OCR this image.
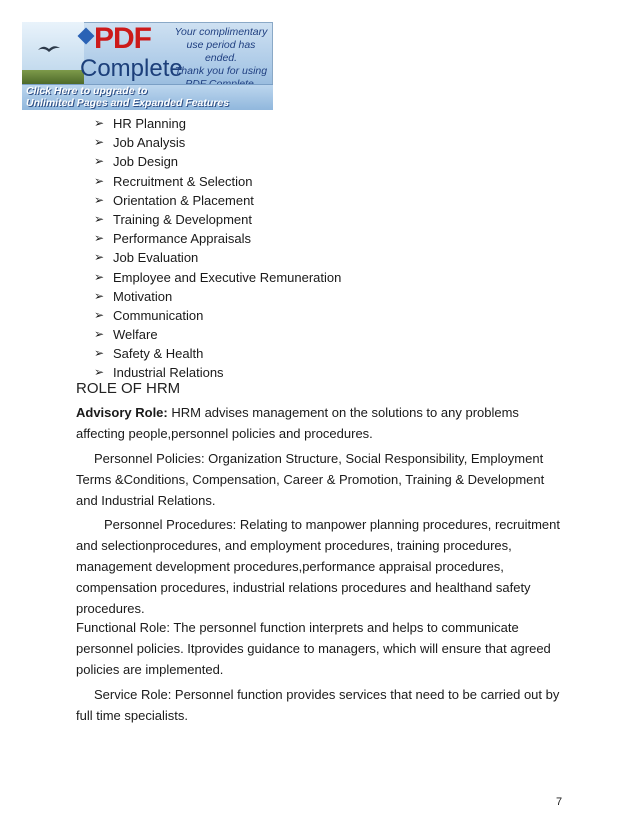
PDF
Complete
Your complimentary
use period has ended.
Thank you for using
Click Here to upgrade to
Unlimited Pages and Expanded Features
➢ HR Planning
➢ Job Analysis
➢ Job Design
➢ Recruitment & Selection
➢ Orientation & Placement
➢ Training & Development
➢ Performance Appraisals
➢ Job Evaluation
➢ Employee and Executive Remuneration
➢ Motivation
➢ Communication
➢ Welfare
➢ Safety & Health
➢ Industrial Relations
ROLE OF HRM

Advisory Role: HRM advises management on the solutions to any problems affecting people,personnel policies and procedures.

Personnel Policies: Organization Structure, Social Responsibility, Employment Terms &Conditions, Compensation, Career & Promotion, Training & Development and Industrial Relations.

Personnel Procedures: Relating to manpower planning procedures, recruitment and selectionprocedures, and employment procedures, training procedures, management development procedures,performance appraisal procedures, compensation procedures, industrial relations procedures and healthand safety procedures.

Functional Role: The personnel function interprets and helps to communicate personnel policies. Itprovides guidance to managers, which will ensure that agreed policies are implemented.

Service Role: Personnel function provides services that need to be carried out by full time specialists.

7
